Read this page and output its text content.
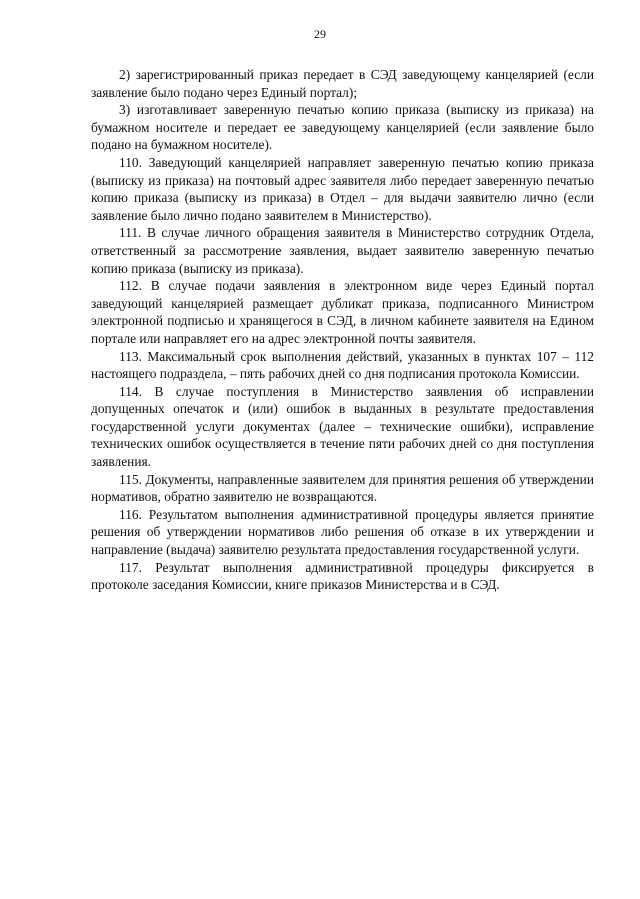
29

2) зарегистрированный приказ передает в СЭД заведующему канцелярией (если заявление было подано через Единый портал);

3) изготавливает заверенную печатью копию приказа (выписку из приказа) на бумажном носителе и передает ее заведующему канцелярией (если заявление было подано на бумажном носителе).

110. Заведующий канцелярией направляет заверенную печатью копию приказа (выписку из приказа) на почтовый адрес заявителя либо передает заверенную печатью копию приказа (выписку из приказа) в Отдел – для выдачи заявителю лично (если заявление было лично подано заявителем в Министерство).

111. В случае личного обращения заявителя в Министерство сотрудник Отдела, ответственный за рассмотрение заявления, выдает заявителю заверенную печатью копию приказа (выписку из приказа).

112. В случае подачи заявления в электронном виде через Единый портал заведующий канцелярией размещает дубликат приказа, подписанного Министром электронной подписью и хранящегося в СЭД, в личном кабинете заявителя на Едином портале или направляет его на адрес электронной почты заявителя.

113. Максимальный срок выполнения действий, указанных в пунктах 107 – 112 настоящего подраздела, – пять рабочих дней со дня подписания протокола Комиссии.

114. В случае поступления в Министерство заявления об исправлении допущенных опечаток и (или) ошибок в выданных в результате предоставления государственной услуги документах (далее – технические ошибки), исправление технических ошибок осуществляется в течение пяти рабочих дней со дня поступления заявления.

115. Документы, направленные заявителем для принятия решения об утверждении нормативов, обратно заявителю не возвращаются.

116. Результатом выполнения административной процедуры является принятие решения об утверждении нормативов либо решения об отказе в их утверждении и направление (выдача) заявителю результата предоставления государственной услуги.

117. Результат выполнения административной процедуры фиксируется в протоколе заседания Комиссии, книге приказов Министерства и в СЭД.
